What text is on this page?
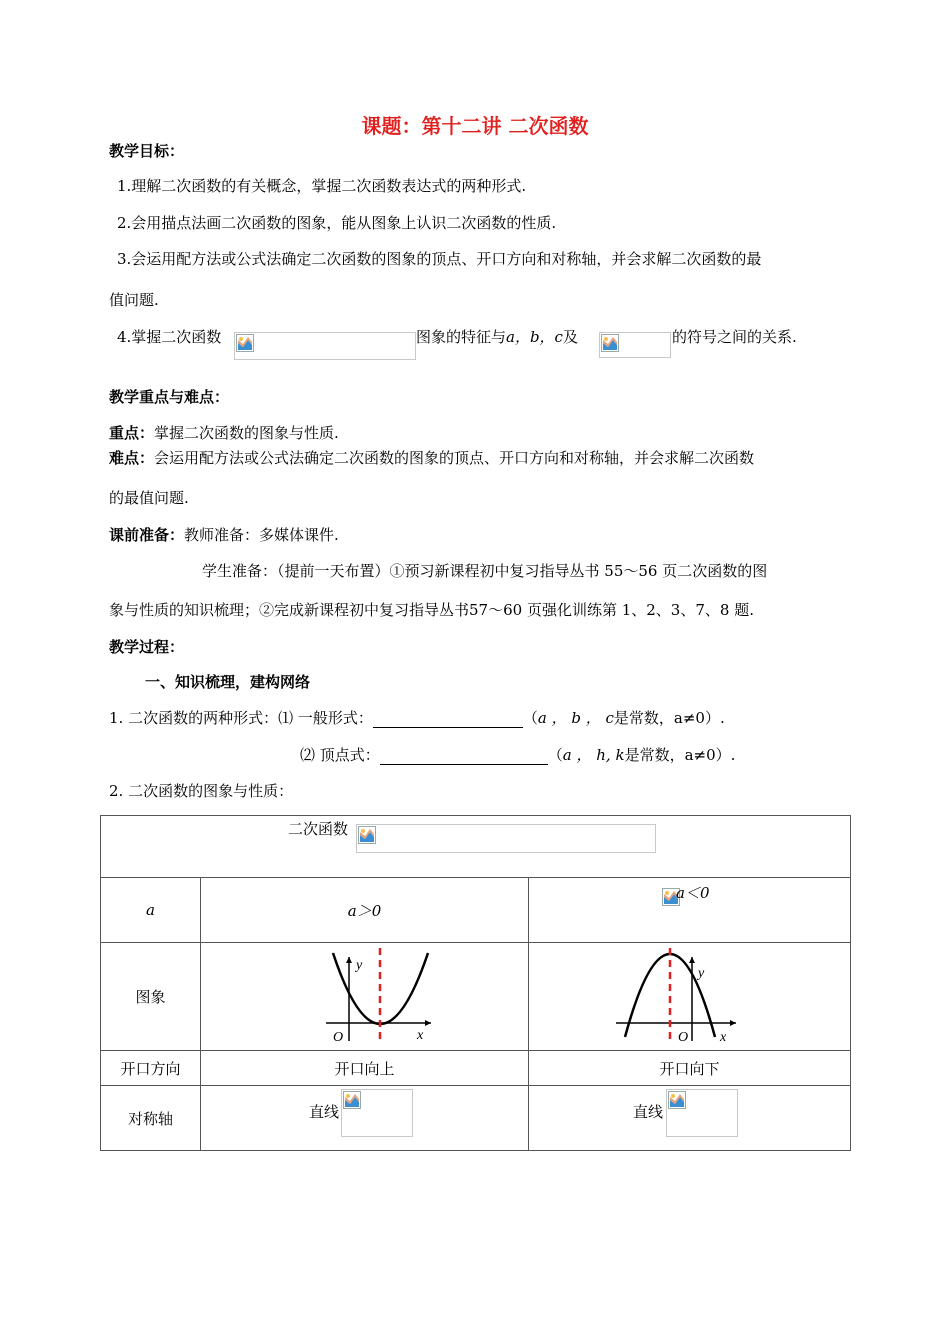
课题：第十二讲 二次函数
教学目标：
1.理解二次函数的有关概念，掌握二次函数表达式的两种形式.
2.会用描点法画二次函数的图象，能从图象上认识二次函数的性质.
3.会运用配方法或公式法确定二次函数的图象的顶点、开口方向和对称轴，并会求解二次函数的最
值问题.
4.掌握二次函数	图象的特征与a，b，c及	的符号之间的关系.
教学重点与难点：
重点：掌握二次函数的图象与性质.
难点：会运用配方法或公式法确定二次函数的图象的顶点、开口方向和对称轴，并会求解二次函数
的最值问题.
课前准备：教师准备：多媒体课件.
学生准备：（提前一天布置）①预习新课程初中复习指导丛书 55～56 页二次函数的图
象与性质的知识梳理；②完成新课程初中复习指导丛书57～60 页强化训练第 1、2、3、7、8 题.
教学过程：
一、知识梳理，建构网络
1. 二次函数的两种形式：⑴ 一般形式：	（a ， b ， c是常数，a≠0）.
⑵ 顶点式：	（a ， h, k是常数，a≠0）.
2. 二次函数的图象与性质：
二次函数		

a	a＞0	a＜0

图象	y
x
O	y
x
O

开口方向	开口向上	开口向下
对称轴	直线	直线
